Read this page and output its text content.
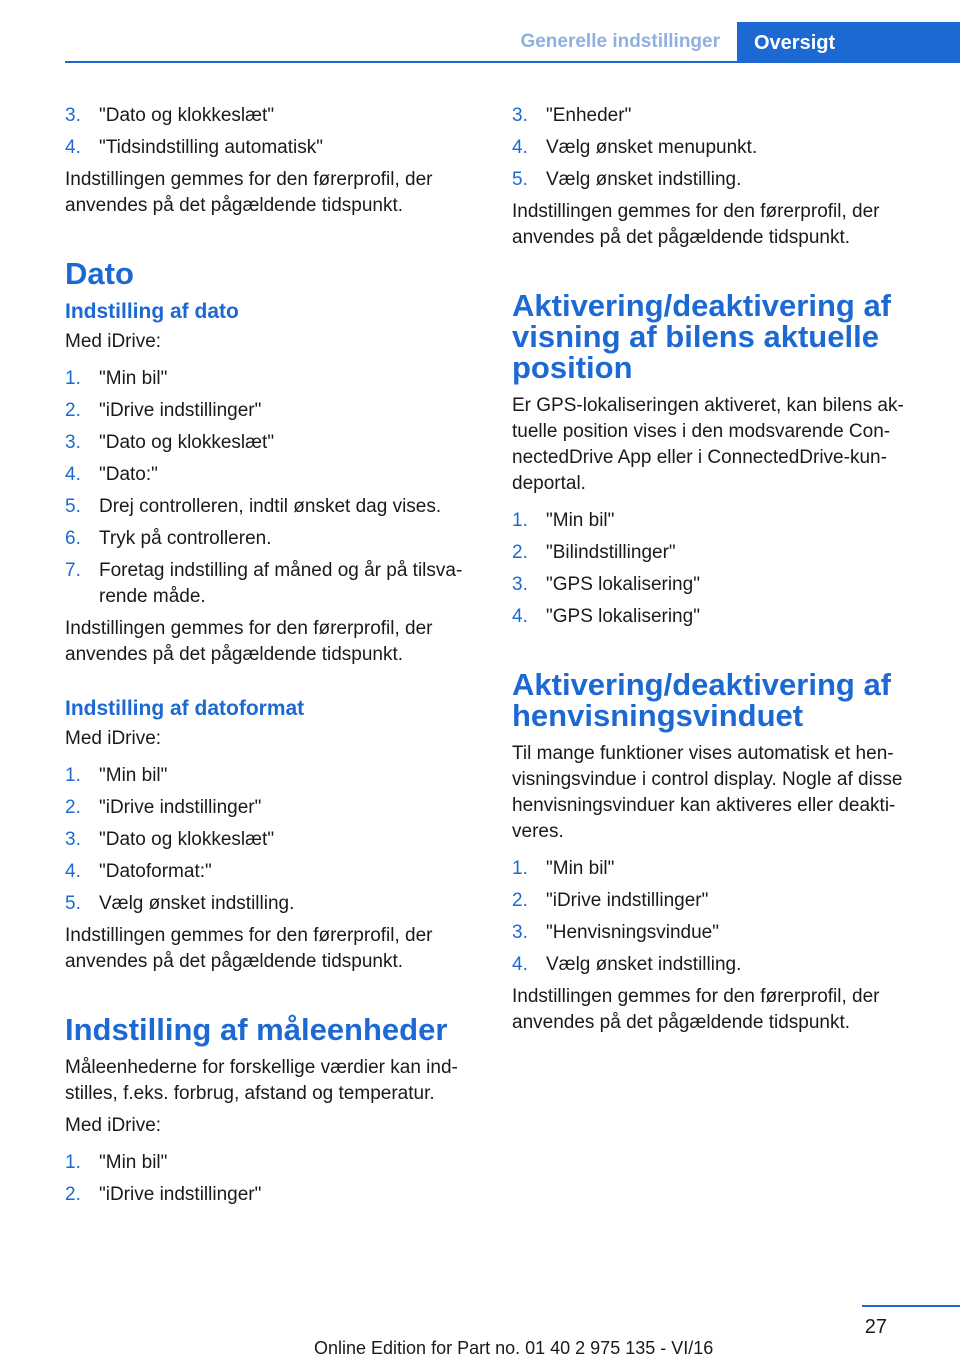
Generelle indstillinger	Oversigt
3. "Dato og klokkeslæt"
4. "Tidsindstilling automatisk"
Indstillingen gemmes for den førerprofil, der anvendes på det pågældende tidspunkt.
Dato
Indstilling af dato
Med iDrive:
1. "Min bil"
2. "iDrive indstillinger"
3. "Dato og klokkeslæt"
4. "Dato:"
5. Drej controlleren, indtil ønsket dag vises.
6. Tryk på controlleren.
7. Foretag indstilling af måned og år på tilsva‐ rende måde.
Indstillingen gemmes for den førerprofil, der anvendes på det pågældende tidspunkt.
Indstilling af datoformat
Med iDrive:
1. "Min bil"
2. "iDrive indstillinger"
3. "Dato og klokkeslæt"
4. "Datoformat:"
5. Vælg ønsket indstilling.
Indstillingen gemmes for den førerprofil, der anvendes på det pågældende tidspunkt.
Indstilling af måleenheder
Måleenhederne for forskellige værdier kan ind‐ stilles, f.eks. forbrug, afstand og temperatur.
Med iDrive:
1. "Min bil"
2. "iDrive indstillinger"
3. "Enheder"
4. Vælg ønsket menupunkt.
5. Vælg ønsket indstilling.
Indstillingen gemmes for den førerprofil, der anvendes på det pågældende tidspunkt.
Aktivering/deaktivering af visning af bilens aktuelle position
Er GPS-lokaliseringen aktiveret, kan bilens ak‐ tuelle position vises i den modsvarende Con‐ nectedDrive App eller i ConnectedDrive-kun‐ deportal.
1. "Min bil"
2. "Bilindstillinger"
3. "GPS lokalisering"
4. "GPS lokalisering"
Aktivering/deaktivering af henvisningsvinduet
Til mange funktioner vises automatisk et hen‐ visningsvindue i control display. Nogle af disse henvisningsvinduer kan aktiveres eller deakti‐ veres.
1. "Min bil"
2. "iDrive indstillinger"
3. "Henvisningsvindue"
4. Vælg ønsket indstilling.
Indstillingen gemmes for den førerprofil, der anvendes på det pågældende tidspunkt.
27
Online Edition for Part no. 01 40 2 975 135 - VI/16
